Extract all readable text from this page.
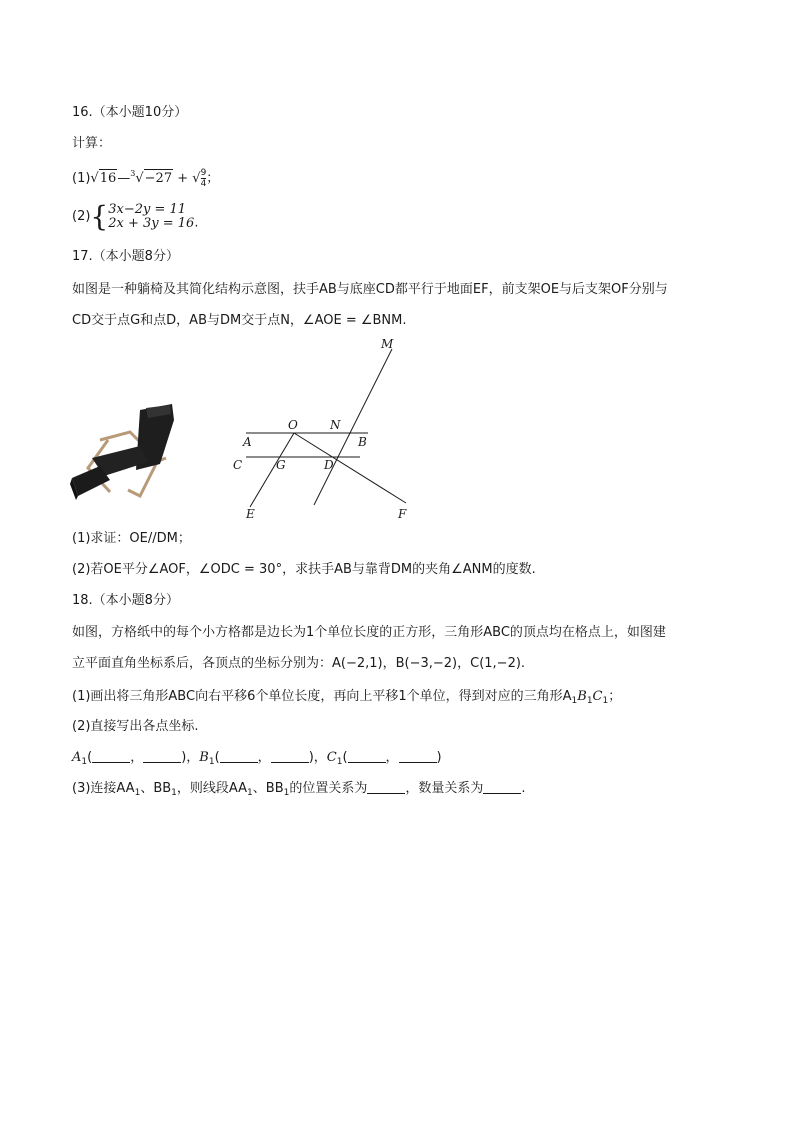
16.（本小题10分）
计算：
(1)√16—$^3$√−27 + √ $\frac{9}{4}$ ；
(2){ 3x−2y = 11
2x + 3y = 16 .
17.（本小题8分）
如图是一种躺椅及其简化结构示意图，扶手AB与底座CD都平行于地面EF，前支架OE与后支架OF分别与
CD交于点G和点D，AB与DM交于点N，∠AOE = ∠BNM.
M
O	N
A	B
C	G	D
E	F
(1)求证：OE//DM；
(2)若OE平分∠AOF，∠ODC = 30°，求扶手AB与靠背DM的夹角∠ANM的度数.
18.（本小题8分）
如图，方格纸中的每个小方格都是边长为1个单位长度的正方形，三角形ABC的顶点均在格点上，如图建
立平面直角坐标系后，各顶点的坐标分别为：A(−2,1)，B(−3,−2)，C(1,−2).
(1)画出将三角形ABC向右平移6个单位长度，再向上平移1个单位，得到对应的三角形$A_1B_1C_1$；
(2)直接写出各点坐标.
$A_1$(	，	)，$B_1$(	，	)，$C_1$(	，	)
(3)连接$AA_1$、$BB_1$，则线段$AA_1$、$BB_1$的位置关系为	，数量关系为	.
